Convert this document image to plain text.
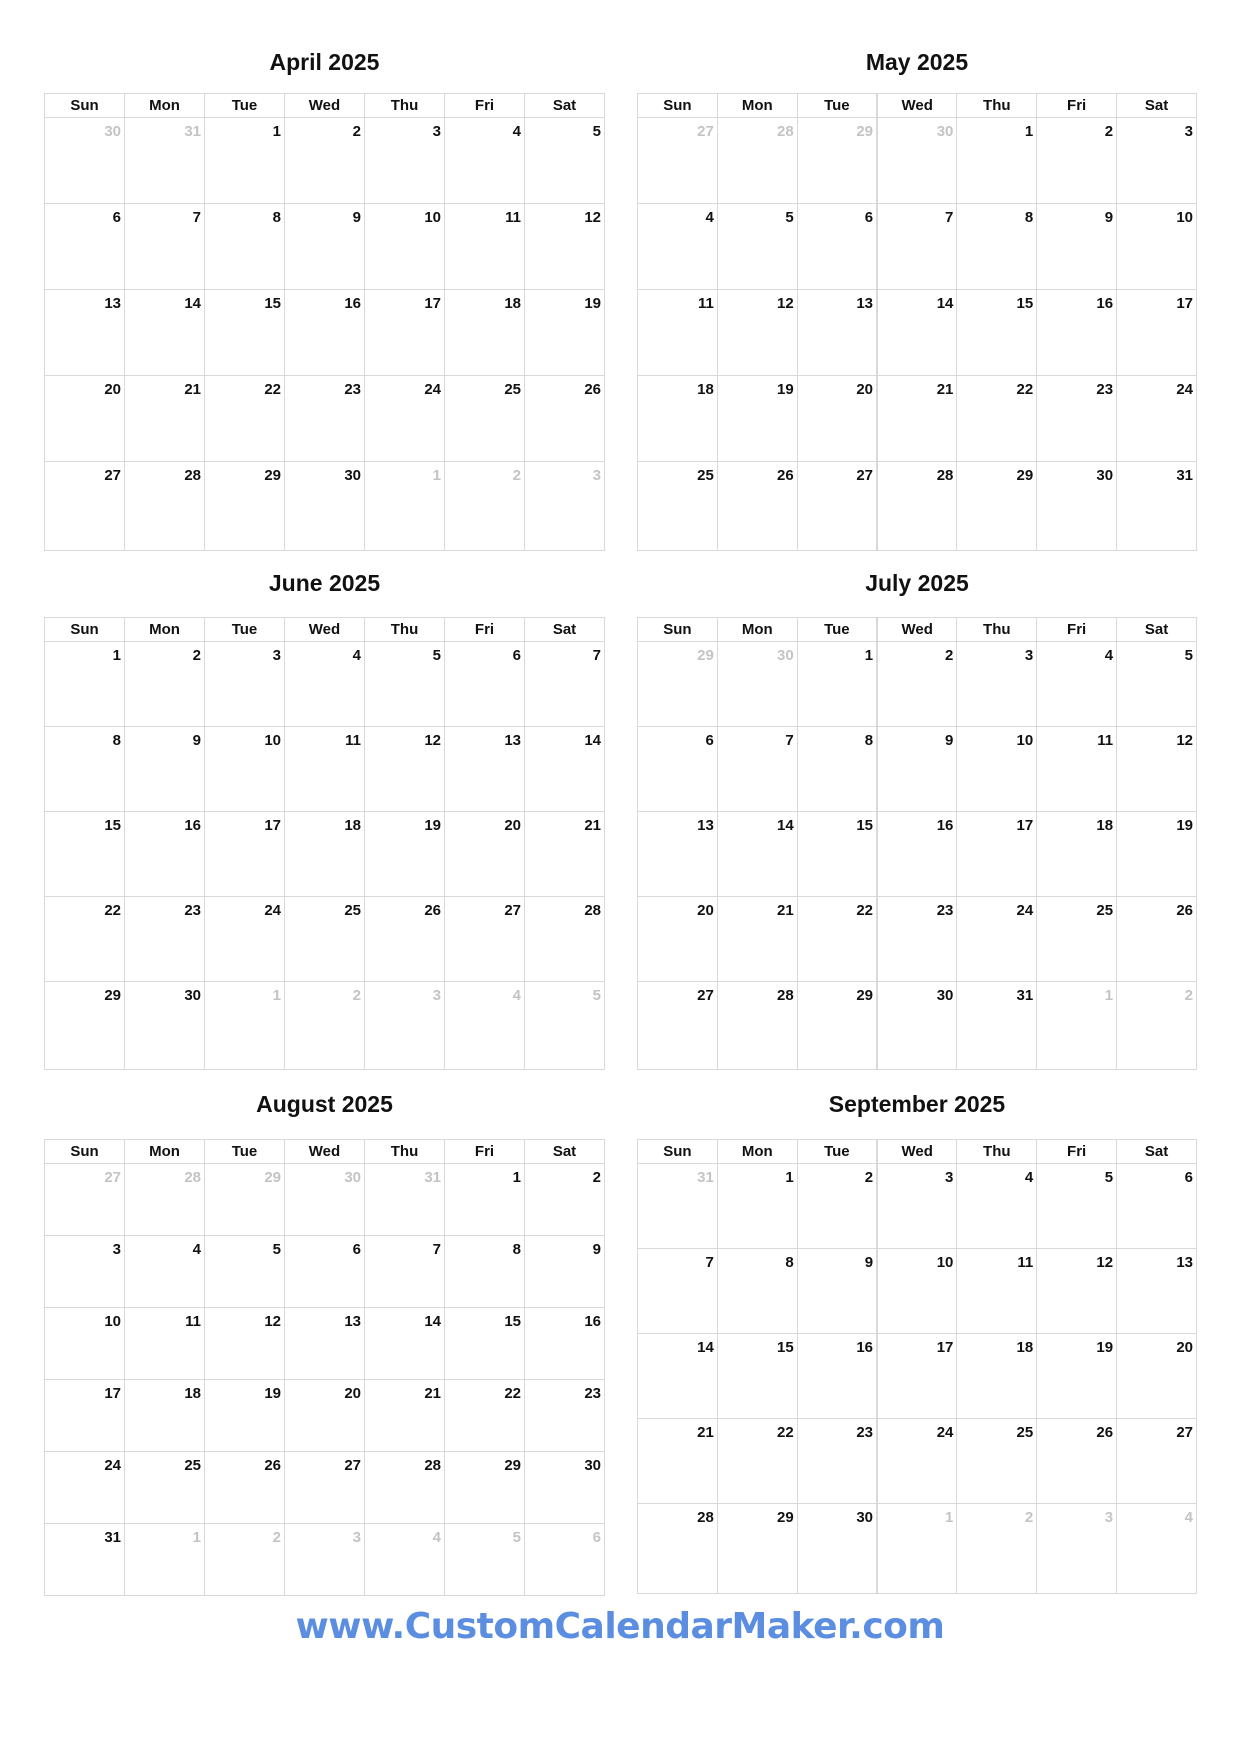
April 2025
Sun	Mon	Tue	Wed	Thu	Fri	Sat

30	31	1	2	3	4	5

6	7	8	9	10	11	12

13	14	15	16	17	18	19

20	21	22	23	24	25	26

27	28	29	30	1	2	3
May 2025
Sun	Mon	Tue	Wed	Thu	Fri	Sat

27	28	29	30	1	2	3

4	5	6	7	8	9	10

11	12	13	14	15	16	17

18	19	20	21	22	23	24

25	26	27	28	29	30	31
June 2025
Sun	Mon	Tue	Wed	Thu	Fri	Sat

1	2	3	4	5	6	7

8	9	10	11	12	13	14

15	16	17	18	19	20	21

22	23	24	25	26	27	28

29	30	1	2	3	4	5
July 2025
Sun	Mon	Tue	Wed	Thu	Fri	Sat

29	30	1	2	3	4	5

6	7	8	9	10	11	12

13	14	15	16	17	18	19

20	21	22	23	24	25	26

27	28	29	30	31	1	2
August 2025
Sun	Mon	Tue	Wed	Thu	Fri	Sat

27	28	29	30	31	1	2

3	4	5	6	7	8	9

10	11	12	13	14	15	16

17	18	19	20	21	22	23

24	25	26	27	28	29	30

31	1	2	3	4	5	6
September 2025
Sun	Mon	Tue	Wed	Thu	Fri	Sat

31	1	2	3	4	5	6

7	8	9	10	11	12	13

14	15	16	17	18	19	20

21	22	23	24	25	26	27

28	29	30	1	2	3	4
www.CustomCalendarMaker.com
